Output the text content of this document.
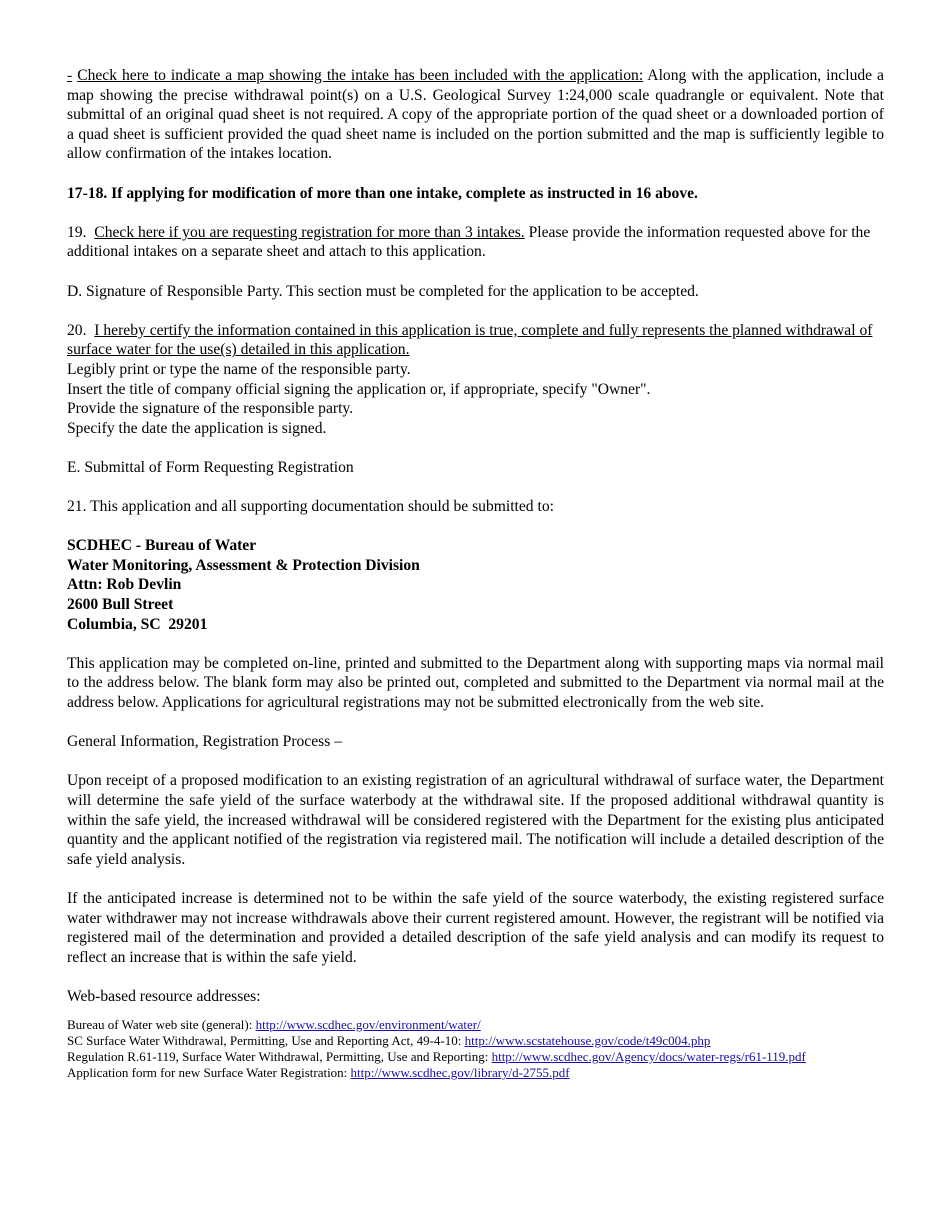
- Check here to indicate a map showing the intake has been included with the application: Along with the application, include a map showing the precise withdrawal point(s) on a U.S. Geological Survey 1:24,000 scale quadrangle or equivalent. Note that submittal of an original quad sheet is not required. A copy of the appropriate portion of the quad sheet or a downloaded portion of a quad sheet is sufficient provided the quad sheet name is included on the portion submitted and the map is sufficiently legible to allow confirmation of the intakes location.

17-18. If applying for modification of more than one intake, complete as instructed in 16 above.

19. Check here if you are requesting registration for more than 3 intakes. Please provide the information requested above for the additional intakes on a separate sheet and attach to this application.

D. Signature of Responsible Party. This section must be completed for the application to be accepted.

20. I hereby certify the information contained in this application is true, complete and fully represents the planned withdrawal of surface water for the use(s) detailed in this application.
Legibly print or type the name of the responsible party.
Insert the title of company official signing the application or, if appropriate, specify "Owner".
Provide the signature of the responsible party.
Specify the date the application is signed.

E. Submittal of Form Requesting Registration

21. This application and all supporting documentation should be submitted to:

SCDHEC - Bureau of Water
Water Monitoring, Assessment & Protection Division
Attn: Rob Devlin
2600 Bull Street
Columbia, SC  29201

This application may be completed on-line, printed and submitted to the Department along with supporting maps via normal mail to the address below. The blank form may also be printed out, completed and submitted to the Department via normal mail at the address below. Applications for agricultural registrations may not be submitted electronically from the web site.

General Information, Registration Process –

Upon receipt of a proposed modification to an existing registration of an agricultural withdrawal of surface water, the Department will determine the safe yield of the surface waterbody at the withdrawal site. If the proposed additional withdrawal quantity is within the safe yield, the increased withdrawal will be considered registered with the Department for the existing plus anticipated quantity and the applicant notified of the registration via registered mail. The notification will include a detailed description of the safe yield analysis.

If the anticipated increase is determined not to be within the safe yield of the source waterbody, the existing registered surface water withdrawer may not increase withdrawals above their current registered amount. However, the registrant will be notified via registered mail of the determination and provided a detailed description of the safe yield analysis and can modify its request to reflect an increase that is within the safe yield.

Web-based resource addresses:

Bureau of Water web site (general): http://www.scdhec.gov/environment/water/
SC Surface Water Withdrawal, Permitting, Use and Reporting Act, 49-4-10: http://www.scstatehouse.gov/code/t49c004.php
Regulation R.61-119, Surface Water Withdrawal, Permitting, Use and Reporting: http://www.scdhec.gov/Agency/docs/water-regs/r61-119.pdf
Application form for new Surface Water Registration: http://www.scdhec.gov/library/d-2755.pdf
